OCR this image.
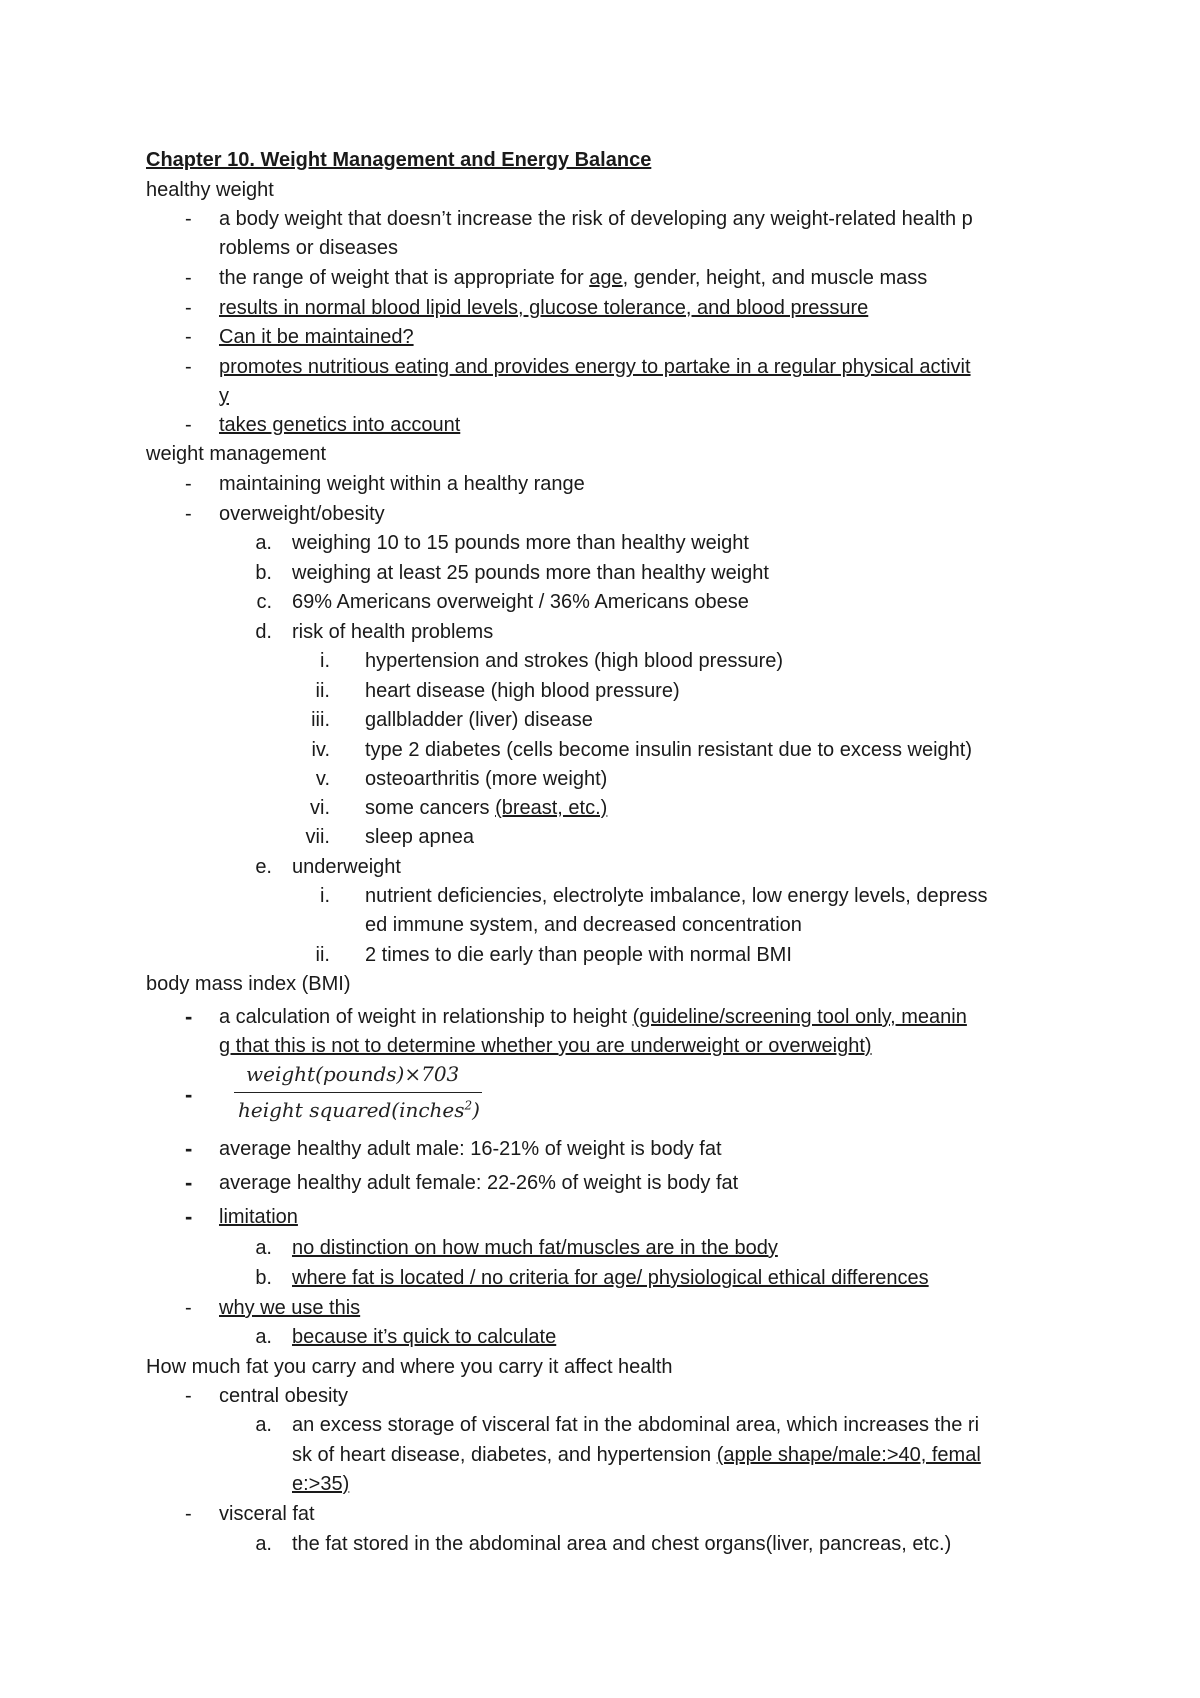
Chapter 10. Weight Management and Energy Balance
healthy weight
- a body weight that doesn’t increase the risk of developing any weight-related health p
roblems or diseases
- the range of weight that is appropriate for age, gender, height, and muscle mass
- results in normal blood lipid levels, glucose tolerance, and blood pressure
- Can it be maintained?
- promotes nutritious eating and provides energy to partake in a regular physical activit
y
- takes genetics into account
weight management
- maintaining weight within a healthy range
- overweight/obesity
a. weighing 10 to 15 pounds more than healthy weight
b. weighing at least 25 pounds more than healthy weight
c. 69% Americans overweight / 36% Americans obese
d. risk of health problems
i. hypertension and strokes (high blood pressure)
ii. heart disease (high blood pressure)
iii. gallbladder (liver) disease
iv. type 2 diabetes (cells become insulin resistant due to excess weight)
v. osteoarthritis (more weight)
vi. some cancers (breast, etc.)
vii. sleep apnea
e. underweight
i. nutrient deficiencies, electrolyte imbalance, low energy levels, depress
ed immune system, and decreased concentration
ii. 2 times to die early than people with normal BMI
body mass index (BMI)
- a calculation of weight in relationship to height (guideline/screening tool only, meanin
g that this is not to determine whether you are underweight or overweight)
-
weight(pounds)×703
height squared(inches$^2$)
- average healthy adult male: 16-21% of weight is body fat
- average healthy adult female: 22-26% of weight is body fat
- limitation
a. no distinction on how much fat/muscles are in the body
b. where fat is located / no criteria for age/ physiological ethical differences
- why we use this
a. because it’s quick to calculate
How much fat you carry and where you carry it affect health
- central obesity
a. an excess storage of visceral fat in the abdominal area, which increases the ri
sk of heart disease, diabetes, and hypertension (apple shape/male:>40, femal
e:>35)
- visceral fat
a. the fat stored in the abdominal area and chest organs(liver, pancreas, etc.)
